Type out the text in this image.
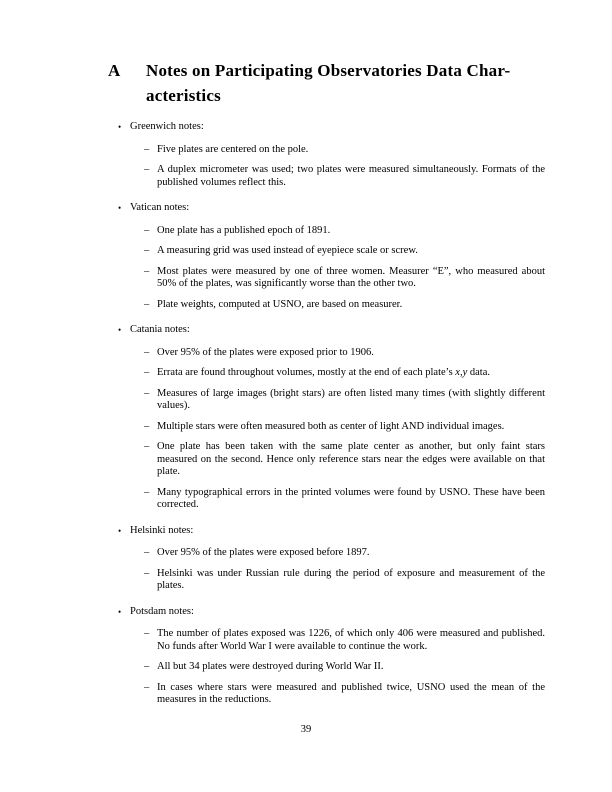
A	Notes on Participating Observatories Data Char-
acteristics
• Greenwich notes:
– Five plates are centered on the pole.
– A duplex micrometer was used; two plates were measured simultaneously. Formats of the published volumes reflect this.
• Vatican notes:
– One plate has a published epoch of 1891.
– A measuring grid was used instead of eyepiece scale or screw.
– Most plates were measured by one of three women. Measurer “E”, who measured about 50% of the plates, was significantly worse than the other two.
– Plate weights, computed at USNO, are based on measurer.
• Catania notes:
– Over 95% of the plates were exposed prior to 1906.
– Errata are found throughout volumes, mostly at the end of each plate’s x,y data.
– Measures of large images (bright stars) are often listed many times (with slightly different values).
– Multiple stars were often measured both as center of light AND individual images.
– One plate has been taken with the same plate center as another, but only faint stars measured on the second. Hence only reference stars near the edges were available on that plate.
– Many typographical errors in the printed volumes were found by USNO. These have been corrected.
• Helsinki notes:
– Over 95% of the plates were exposed before 1897.
– Helsinki was under Russian rule during the period of exposure and measurement of the plates.
• Potsdam notes:
– The number of plates exposed was 1226, of which only 406 were measured and published. No funds after World War I were available to continue the work.
– All but 34 plates were destroyed during World War II.
– In cases where stars were measured and published twice, USNO used the mean of the measures in the reductions.
39
